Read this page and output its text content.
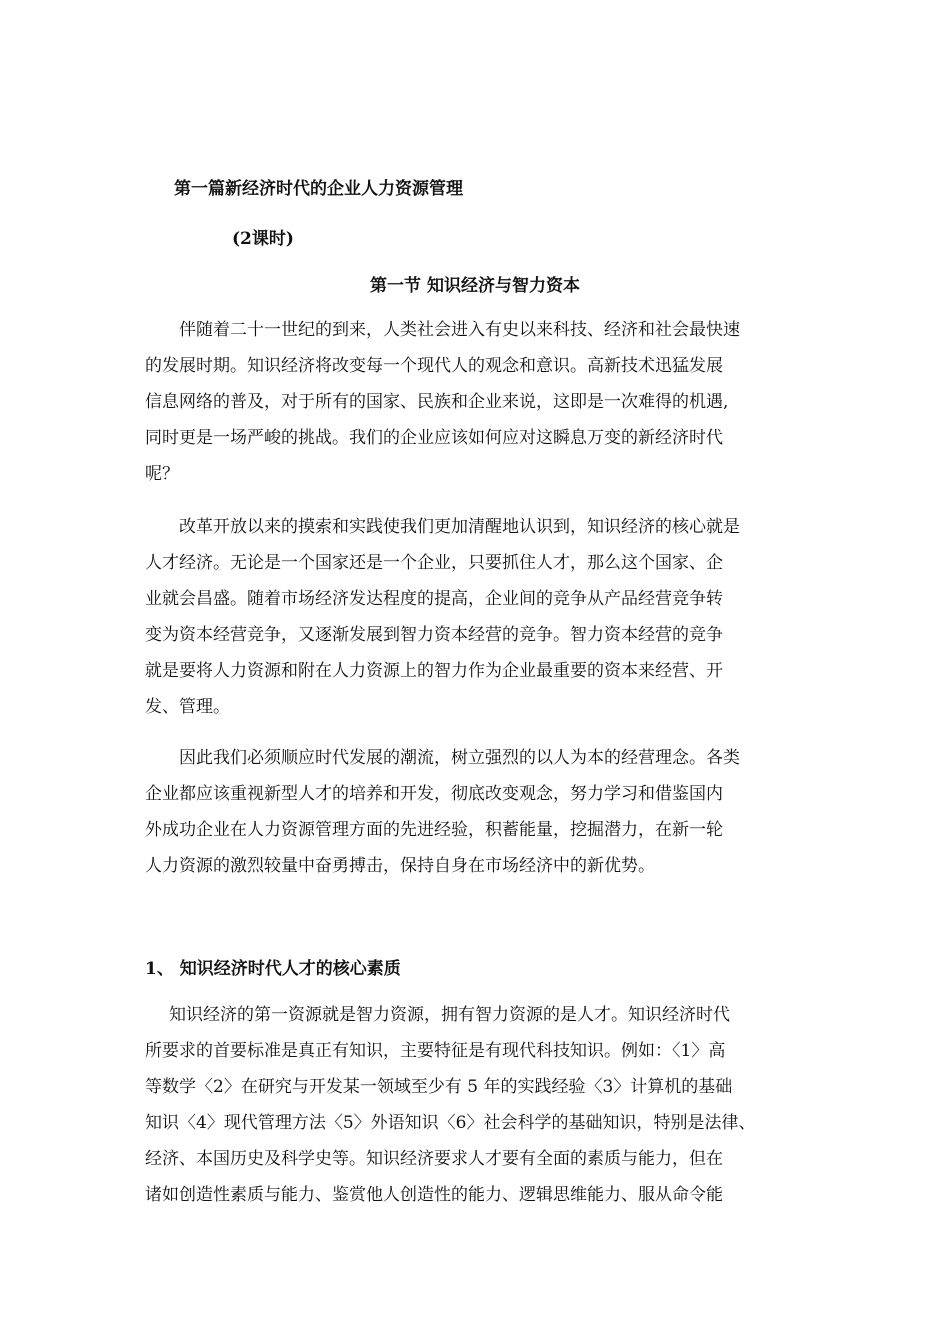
第一篇新经济时代的企业人力资源管理
(2课时)
第一节 知识经济与智力资本
伴随着二十一世纪的到来，人类社会进入有史以来科技、经济和社会最快速
的发展时期。知识经济将改变每一个现代人的观念和意识。高新技术迅猛发展
信息网络的普及，对于所有的国家、民族和企业来说，这即是一次难得的机遇,
同时更是一场严峻的挑战。我们的企业应该如何应对这瞬息万变的新经济时代
呢？
改革开放以来的摸索和实践使我们更加清醒地认识到，知识经济的核心就是
人才经济。无论是一个国家还是一个企业，只要抓住人才，那么这个国家、企
业就会昌盛。随着市场经济发达程度的提高，企业间的竞争从产品经营竞争转
变为资本经营竞争，又逐渐发展到智力资本经营的竞争。智力资本经营的竞争
就是要将人力资源和附在人力资源上的智力作为企业最重要的资本来经营、开
发、管理。
因此我们必须顺应时代发展的潮流，树立强烈的以人为本的经营理念。各类
企业都应该重视新型人才的培养和开发，彻底改变观念，努力学习和借鉴国内
外成功企业在人力资源管理方面的先进经验，积蓄能量，挖掘潜力，在新一轮
人力资源的激烈较量中奋勇搏击，保持自身在市场经济中的新优势。
1、 知识经济时代人才的核心素质
知识经济的第一资源就是智力资源，拥有智力资源的是人才。知识经济时代
所要求的首要标准是真正有知识，主要特征是有现代科技知识。例如：〈1〉高
等数学〈2〉在研究与开发某一领域至少有 5 年的实践经验〈3〉计算机的基础
知识〈4〉现代管理方法〈5〉外语知识〈6〉社会科学的基础知识，特别是法律、
经济、本国历史及科学史等。知识经济要求人才要有全面的素质与能力，但在
诸如创造性素质与能力、鉴赏他人创造性的能力、逻辑思维能力、服从命令能
